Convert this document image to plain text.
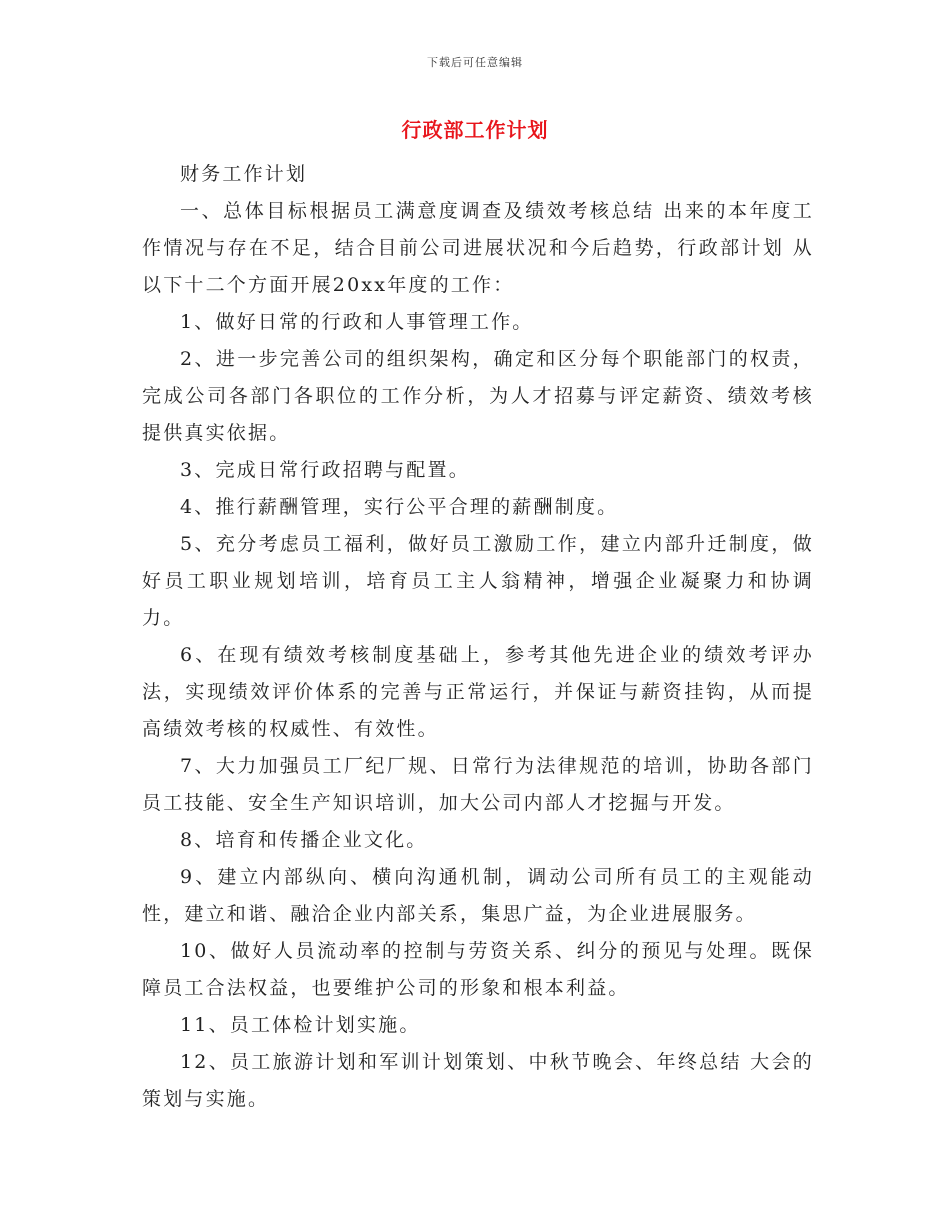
下载后可任意编辑
行政部工作计划

财务工作计划

一、总体目标根据员工满意度调查及绩效考核总结 出来的本年度工作情况与存在不足，结合目前公司进展状况和今后趋势，行政部计划 从以下十二个方面开展20xx年度的工作：

1、做好日常的行政和人事管理工作。

2、进一步完善公司的组织架构，确定和区分每个职能部门的权责，完成公司各部门各职位的工作分析，为人才招募与评定薪资、绩效考核提供真实依据。

3、完成日常行政招聘与配置。

4、推行薪酬管理，实行公平合理的薪酬制度。

5、充分考虑员工福利，做好员工激励工作，建立内部升迁制度，做好员工职业规划培训，培育员工主人翁精神，增强企业凝聚力和协调力。

6、在现有绩效考核制度基础上，参考其他先进企业的绩效考评办法，实现绩效评价体系的完善与正常运行，并保证与薪资挂钩，从而提高绩效考核的权威性、有效性。

7、大力加强员工厂纪厂规、日常行为法律规范的培训，协助各部门员工技能、安全生产知识培训，加大公司内部人才挖掘与开发。

8、培育和传播企业文化。

9、建立内部纵向、横向沟通机制，调动公司所有员工的主观能动性，建立和谐、融洽企业内部关系，集思广益，为企业进展服务。

10、做好人员流动率的控制与劳资关系、纠分的预见与处理。既保障员工合法权益，也要维护公司的形象和根本利益。

11、员工体检计划实施。

12、员工旅游计划和军训计划策划、中秋节晚会、年终总结 大会的策划与实施。
